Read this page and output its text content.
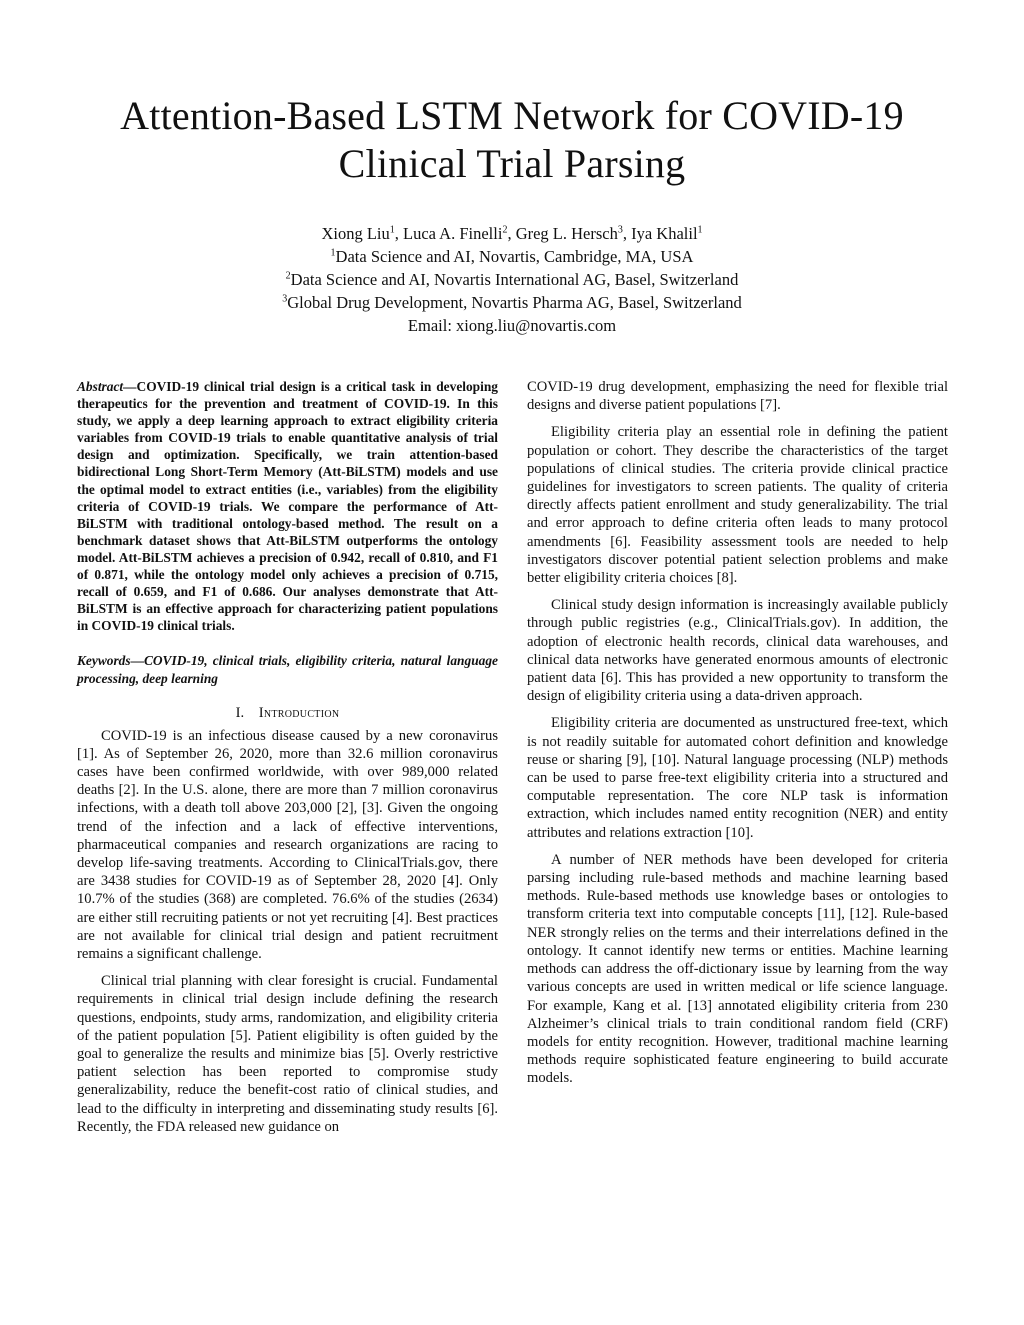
Attention-Based LSTM Network for COVID-19
Clinical Trial Parsing
Xiong Liu$^1$, Luca A. Finelli$^2$, Greg L. Hersch$^3$, Iya Khalil$^1$
$^1$Data Science and AI, Novartis, Cambridge, MA, USA
$^2$Data Science and AI, Novartis International AG, Basel, Switzerland
$^3$Global Drug Development, Novartis Pharma AG, Basel, Switzerland
Email: xiong.liu@novartis.com

Abstract—COVID-19 clinical trial design is a critical task in developing therapeutics for the prevention and treatment of COVID-19. In this study, we apply a deep learning approach to extract eligibility criteria variables from COVID-19 trials to enable quantitative analysis of trial design and optimization. Specifically, we train attention-based bidirectional Long Short-Term Memory (Att-BiLSTM) models and use the optimal model to extract entities (i.e., variables) from the eligibility criteria of COVID-19 trials. We compare the performance of Att-BiLSTM with traditional ontology-based method. The result on a benchmark dataset shows that Att-BiLSTM outperforms the ontology model. Att-BiLSTM achieves a precision of 0.942, recall of 0.810, and F1 of 0.871, while the ontology model only achieves a precision of 0.715, recall of 0.659, and F1 of 0.686. Our analyses demonstrate that Att-BiLSTM is an effective approach for characterizing patient populations in COVID-19 clinical trials.

Keywords—COVID-19, clinical trials, eligibility criteria, natural language processing, deep learning

I. Introduction

COVID-19 is an infectious disease caused by a new coronavirus [1]. As of September 26, 2020, more than 32.6 million coronavirus cases have been confirmed worldwide, with over 989,000 related deaths [2]. In the U.S. alone, there are more than 7 million coronavirus infections, with a death toll above 203,000 [2], [3]. Given the ongoing trend of the infection and a lack of effective interventions, pharmaceutical companies and research organizations are racing to develop life-saving treatments. According to ClinicalTrials.gov, there are 3438 studies for COVID-19 as of September 28, 2020 [4]. Only 10.7% of the studies (368) are completed. 76.6% of the studies (2634) are either still recruiting patients or not yet recruiting [4]. Best practices are not available for clinical trial design and patient recruitment remains a significant challenge.

Clinical trial planning with clear foresight is crucial. Fundamental requirements in clinical trial design include defining the research questions, endpoints, study arms, randomization, and eligibility criteria of the patient population [5]. Patient eligibility is often guided by the goal to generalize the results and minimize bias [5]. Overly restrictive patient selection has been reported to compromise study generalizability, reduce the benefit-cost ratio of clinical studies, and lead to the difficulty in interpreting and disseminating study results [6]. Recently, the FDA released new guidance on

COVID-19 drug development, emphasizing the need for flexible trial designs and diverse patient populations [7].

Eligibility criteria play an essential role in defining the patient population or cohort. They describe the characteristics of the target populations of clinical studies. The criteria provide clinical practice guidelines for investigators to screen patients. The quality of criteria directly affects patient enrollment and study generalizability. The trial and error approach to define criteria often leads to many protocol amendments [6]. Feasibility assessment tools are needed to help investigators discover potential patient selection problems and make better eligibility criteria choices [8].

Clinical study design information is increasingly available publicly through public registries (e.g., ClinicalTrials.gov). In addition, the adoption of electronic health records, clinical data warehouses, and clinical data networks have generated enormous amounts of electronic patient data [6]. This has provided a new opportunity to transform the design of eligibility criteria using a data-driven approach.

Eligibility criteria are documented as unstructured free-text, which is not readily suitable for automated cohort definition and knowledge reuse or sharing [9], [10]. Natural language processing (NLP) methods can be used to parse free-text eligibility criteria into a structured and computable representation. The core NLP task is information extraction, which includes named entity recognition (NER) and entity attributes and relations extraction [10].

A number of NER methods have been developed for criteria parsing including rule-based methods and machine learning based methods. Rule-based methods use knowledge bases or ontologies to transform criteria text into computable concepts [11], [12]. Rule-based NER strongly relies on the terms and their interrelations defined in the ontology. It cannot identify new terms or entities. Machine learning methods can address the off-dictionary issue by learning from the way various concepts are used in written medical or life science language. For example, Kang et al. [13] annotated eligibility criteria from 230 Alzheimer’s clinical trials to train conditional random field (CRF) models for entity recognition. However, traditional machine learning methods require sophisticated feature engineering to build accurate models.
